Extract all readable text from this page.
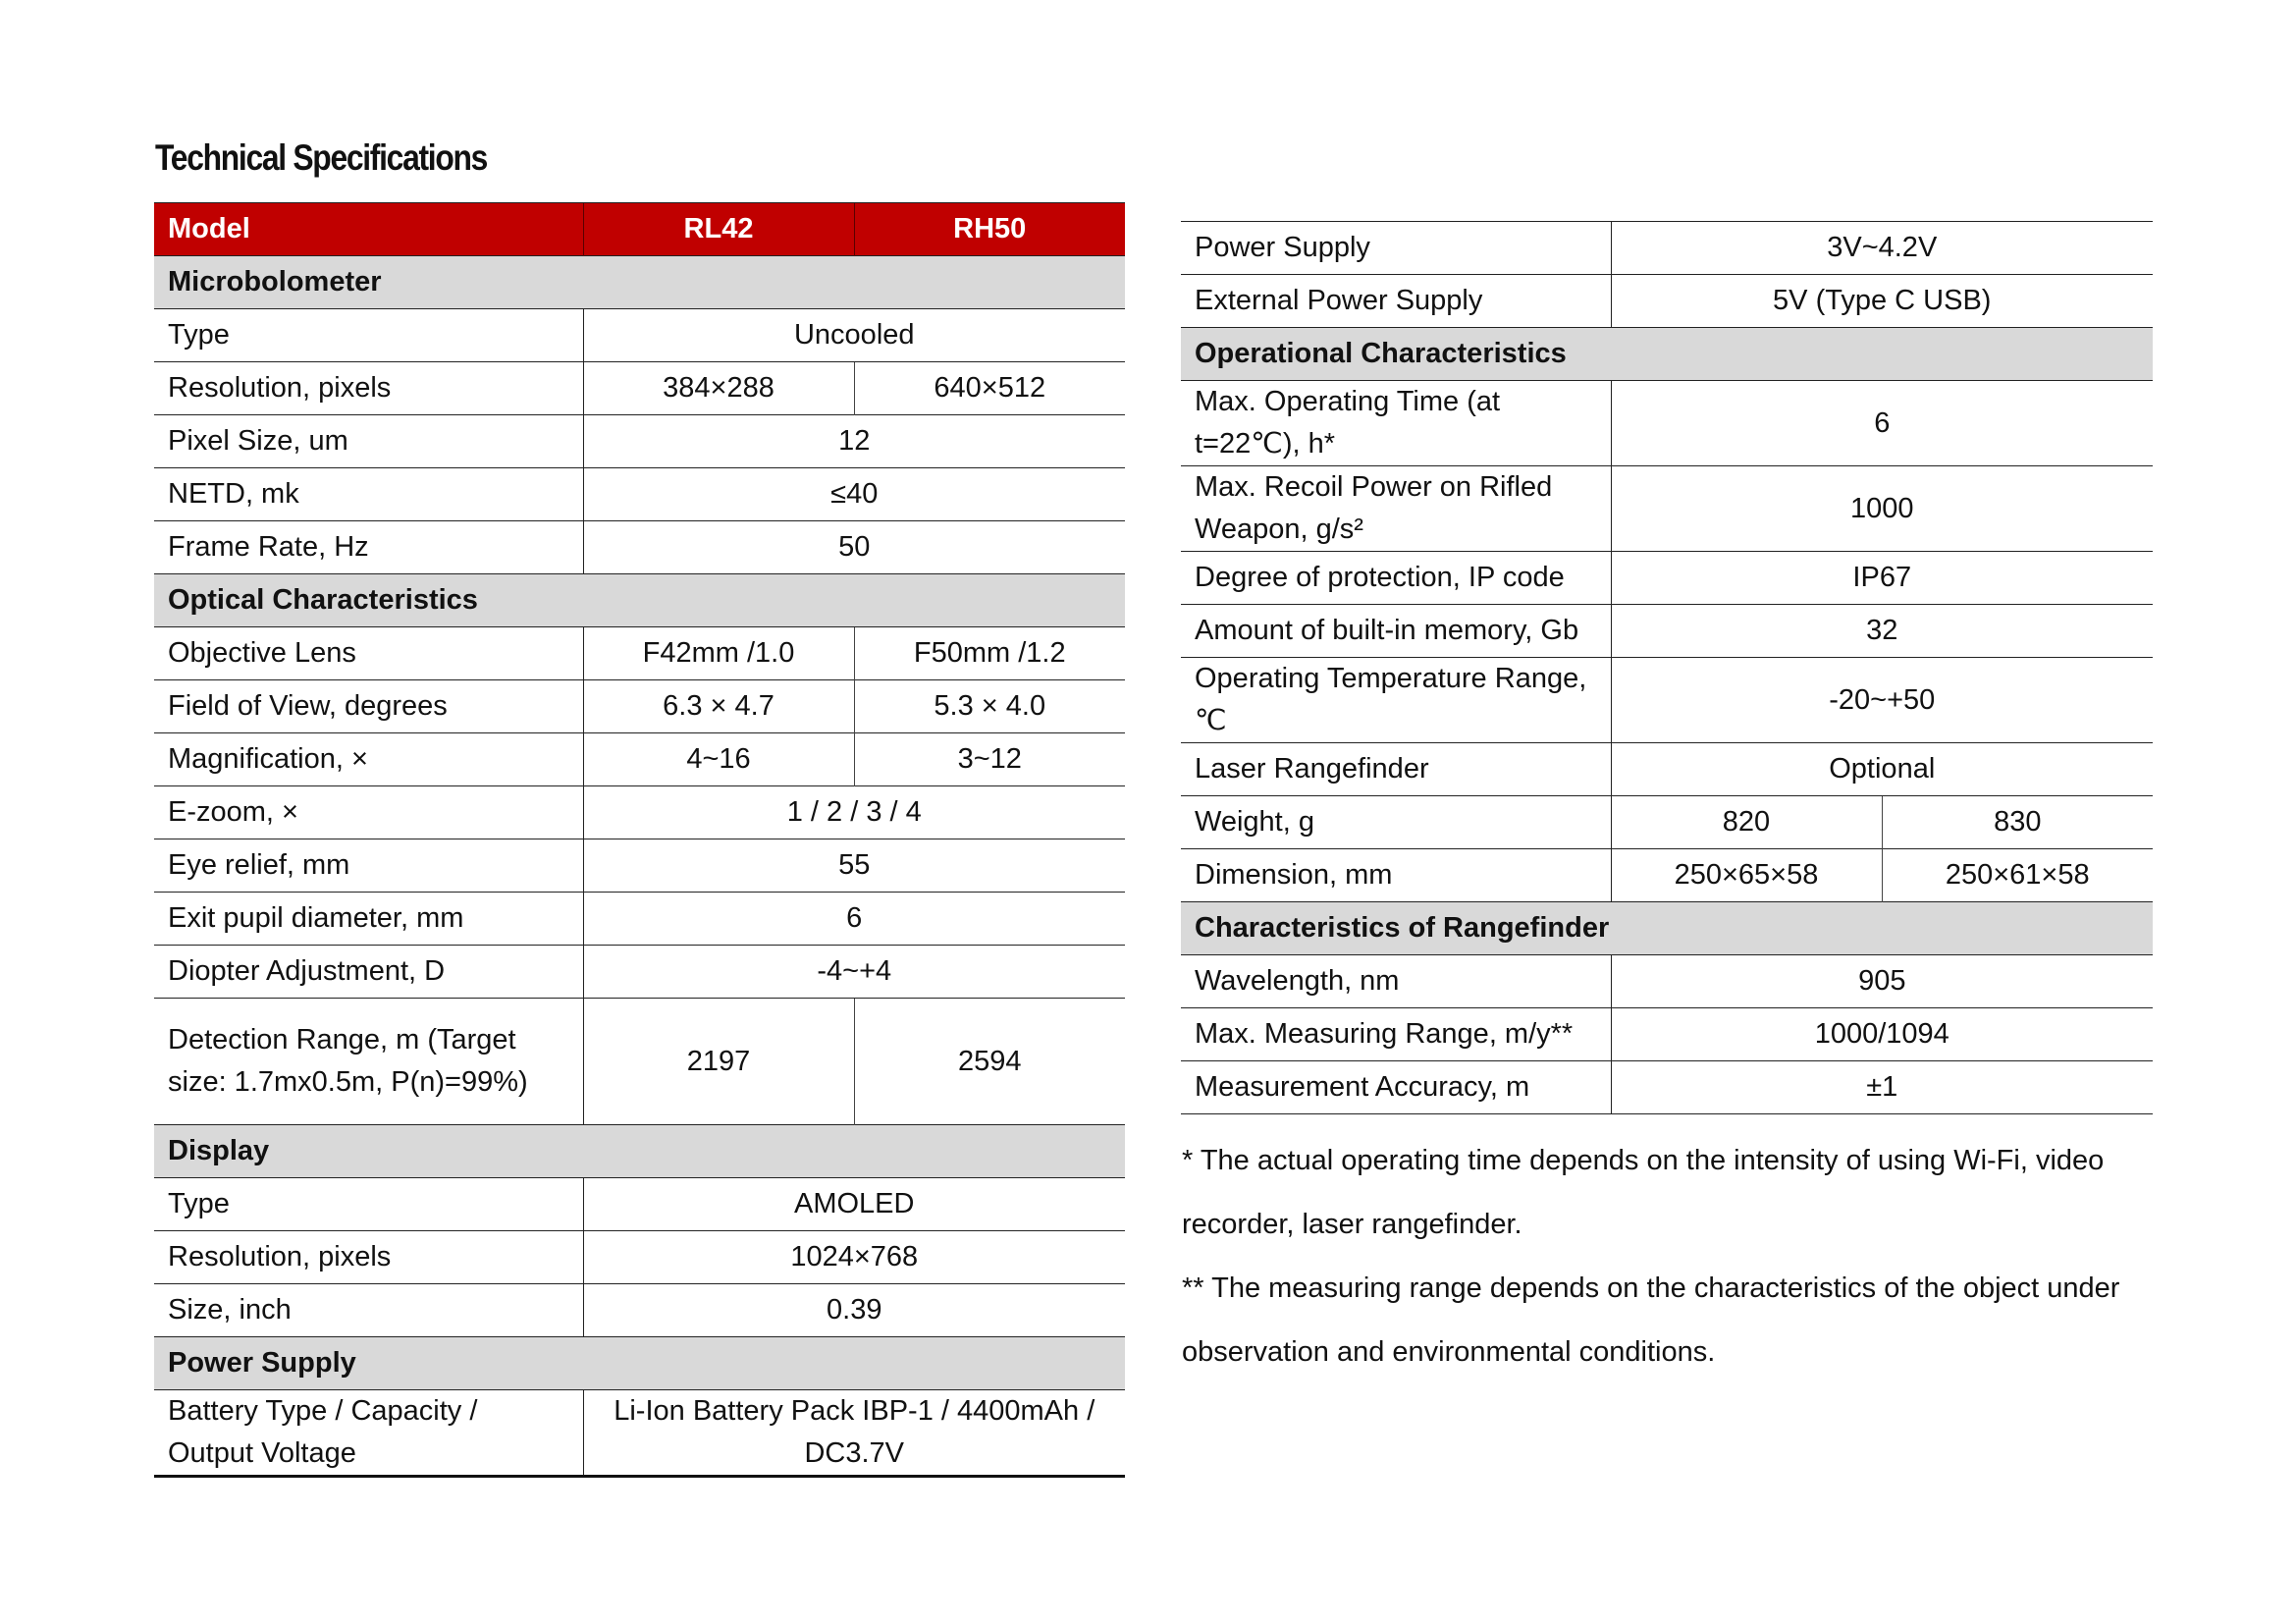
Technical Specifications
Model	RL42	RH50
Microbolometer		
Type	Uncooled	
Resolution, pixels	384×288	640×512
Pixel Size, um	12	
NETD, mk	≤40	
Frame Rate, Hz	50	
Optical Characteristics		
Objective Lens	F42mm /1.0	F50mm /1.2
Field of View, degrees	6.3 × 4.7	5.3 × 4.0
Magnification, ×	4~16	3~12
E-zoom, ×	1 / 2 / 3 / 4	
Eye relief, mm	55	
Exit pupil diameter, mm	6	
Diopter Adjustment, D	-4~+4	
Detection Range, m (Target size: 1.7mx0.5m, P(n)=99%)	2197	2594
Display		
Type	AMOLED	
Resolution, pixels	1024×768	
Size, inch	0.39	
Power Supply		
Battery Type / Capacity / Output Voltage	Li-Ion Battery Pack IBP-1 / 4400mAh / DC3.7V	
Power Supply	3V~4.2V	
External Power Supply	5V (Type C USB)	
Operational Characteristics		
Max. Operating Time (at t=22℃), h*	6	
Max. Recoil Power on Rifled Weapon, g/s²	1000	
Degree of protection, IP code	IP67	
Amount of built-in memory, Gb	32	
Operating Temperature Range, ℃	-20~+50	
Laser Rangefinder	Optional	
Weight, g	820	830
Dimension, mm	250×65×58	250×61×58
Characteristics of Rangefinder		
Wavelength, nm	905	
Max. Measuring Range, m/y**	1000/1094	
Measurement Accuracy, m	±1	

* The actual operating time depends on the intensity of using Wi-Fi, video recorder, laser rangefinder.

** The measuring range depends on the characteristics of the object under observation and environmental conditions.
